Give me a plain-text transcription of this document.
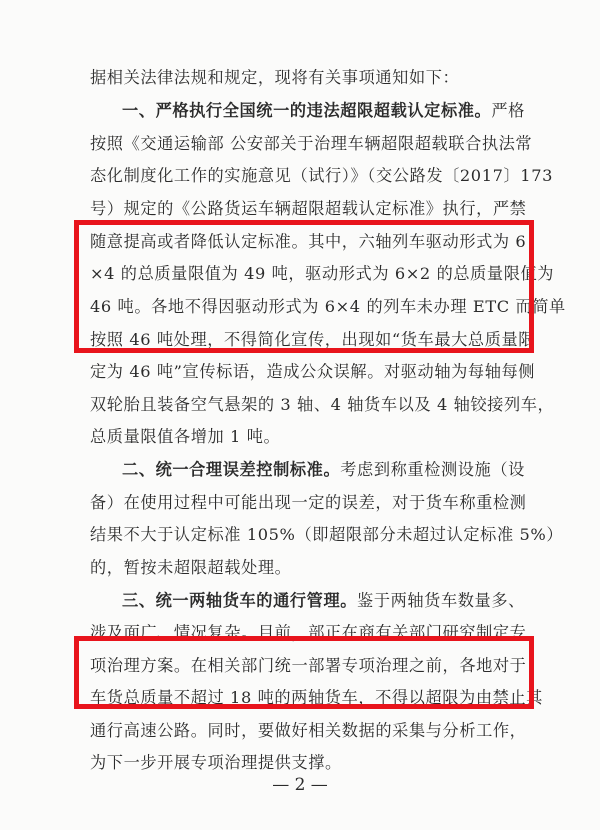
据相关法律法规和规定，现将有关事项通知如下：
一、严格执行全国统一的违法超限超载认定标准。严格
按照《交通运输部 公安部关于治理车辆超限超载联合执法常
态化制度化工作的实施意见（试行）》（交公路发〔2017〕173
号）规定的《公路货运车辆超限超载认定标准》执行，严禁
随意提高或者降低认定标准。其中，六轴列车驱动形式为 6
×4 的总质量限值为 49 吨，驱动形式为 6×2 的总质量限值为
46 吨。各地不得因驱动形式为 6×4 的列车未办理 ETC 而简单
按照 46 吨处理，不得简化宣传，出现如“货车最大总质量限
定为 46 吨”宣传标语，造成公众误解。对驱动轴为每轴每侧
双轮胎且装备空气悬架的 3 轴、4 轴货车以及 4 轴铰接列车，
总质量限值各增加 1 吨。
二、统一合理误差控制标准。考虑到称重检测设施（设
备）在使用过程中可能出现一定的误差，对于货车称重检测
结果不大于认定标准 105%（即超限部分未超过认定标准 5%）
的，暂按未超限超载处理。
三、统一两轴货车的通行管理。鉴于两轴货车数量多、
涉及面广、情况复杂。目前，部正在商有关部门研究制定专
项治理方案。在相关部门统一部署专项治理之前，各地对于
车货总质量不超过 18 吨的两轴货车，不得以超限为由禁止其
通行高速公路。同时，要做好相关数据的采集与分析工作，
为下一步开展专项治理提供支撑。
— 2 —
